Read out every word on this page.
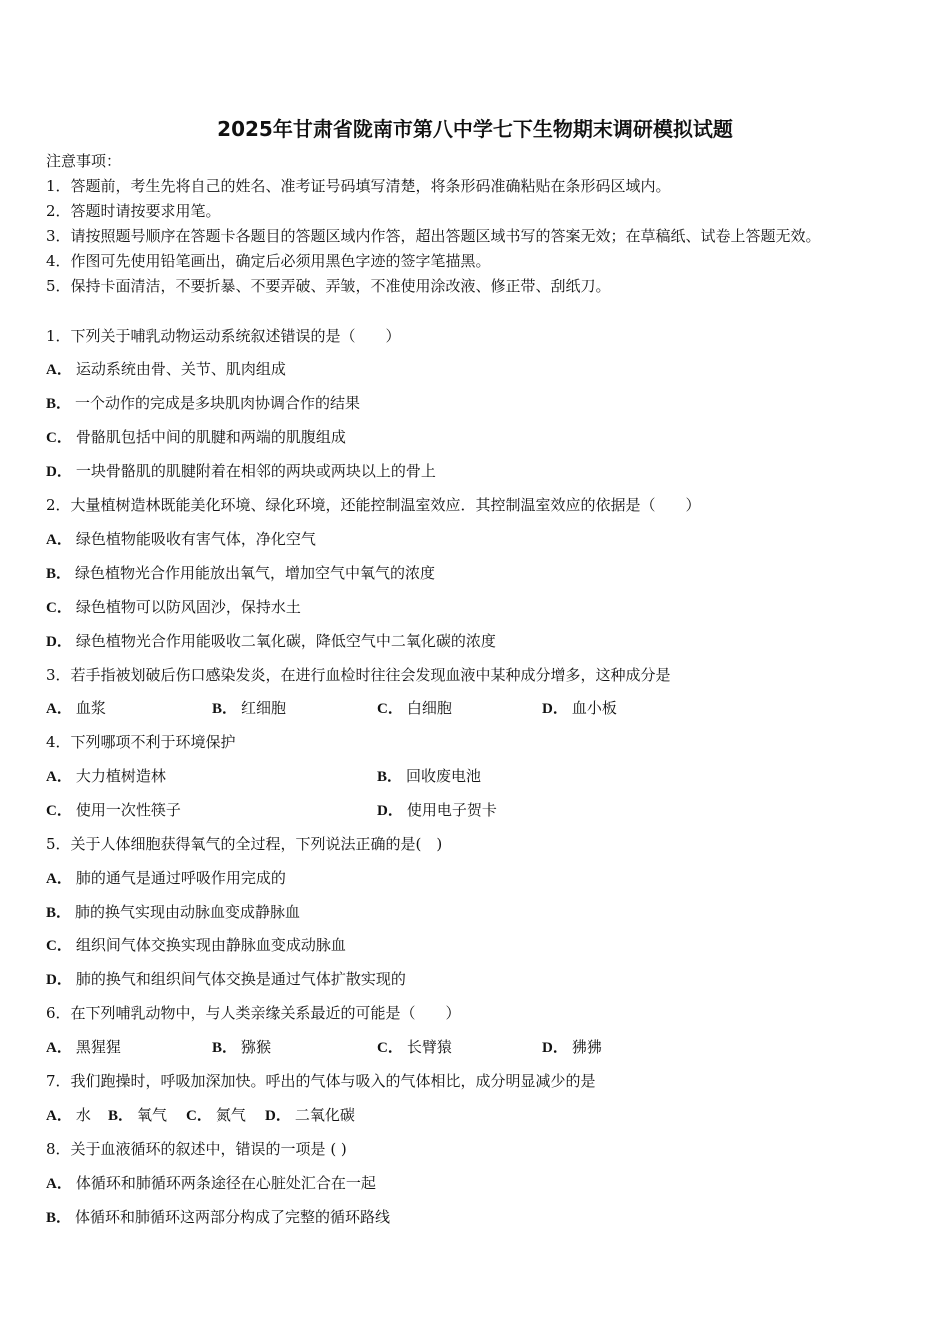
2025年甘肃省陇南市第八中学七下生物期末调研模拟试题
注意事项：
1．答题前，考生先将自己的姓名、准考证号码填写清楚，将条形码准确粘贴在条形码区域内。
2．答题时请按要求用笔。
3．请按照题号顺序在答题卡各题目的答题区域内作答，超出答题区域书写的答案无效；在草稿纸、试卷上答题无效。
4．作图可先使用铅笔画出，确定后必须用黑色字迹的签字笔描黑。
5．保持卡面清洁，不要折暴、不要弄破、弄皱，不准使用涂改液、修正带、刮纸刀。
1．下列关于哺乳动物运动系统叙述错误的是（　　）
A． 运动系统由骨、关节、肌肉组成
B． 一个动作的完成是多块肌肉协调合作的结果
C． 骨骼肌包括中间的肌腱和两端的肌腹组成
D． 一块骨骼肌的肌腱附着在相邻的两块或两块以上的骨上
2．大量植树造林既能美化环境、绿化环境，还能控制温室效应．其控制温室效应的依据是（　　）
A． 绿色植物能吸收有害气体，净化空气
B． 绿色植物光合作用能放出氧气，增加空气中氧气的浓度
C． 绿色植物可以防风固沙，保持水土
D． 绿色植物光合作用能吸收二氧化碳，降低空气中二氧化碳的浓度
3．若手指被划破后伤口感染发炎，在进行血检时往往会发现血液中某种成分增多，这种成分是
A． 血浆	B． 红细胞	C． 白细胞	D． 血小板
4．下列哪项不利于环境保护
A． 大力植树造林	B． 回收废电池
C． 使用一次性筷子	D． 使用电子贺卡
5．关于人体细胞获得氧气的全过程，下列说法正确的是(　)
A． 肺的通气是通过呼吸作用完成的
B． 肺的换气实现由动脉血变成静脉血
C． 组织间气体交换实现由静脉血变成动脉血
D． 肺的换气和组织间气体交换是通过气体扩散实现的
6．在下列哺乳动物中，与人类亲缘关系最近的可能是（　　）
A． 黑猩猩	B． 猕猴	C． 长臂猿	D． 狒狒
7．我们跑操时，呼吸加深加快。呼出的气体与吸入的气体相比，成分明显减少的是
A． 水 B． 氧气 C． 氮气 D． 二氧化碳
8．关于血液循环的叙述中，错误的一项是 ( )
A． 体循环和肺循环两条途径在心脏处汇合在一起
B． 体循环和肺循环这两部分构成了完整的循环路线
